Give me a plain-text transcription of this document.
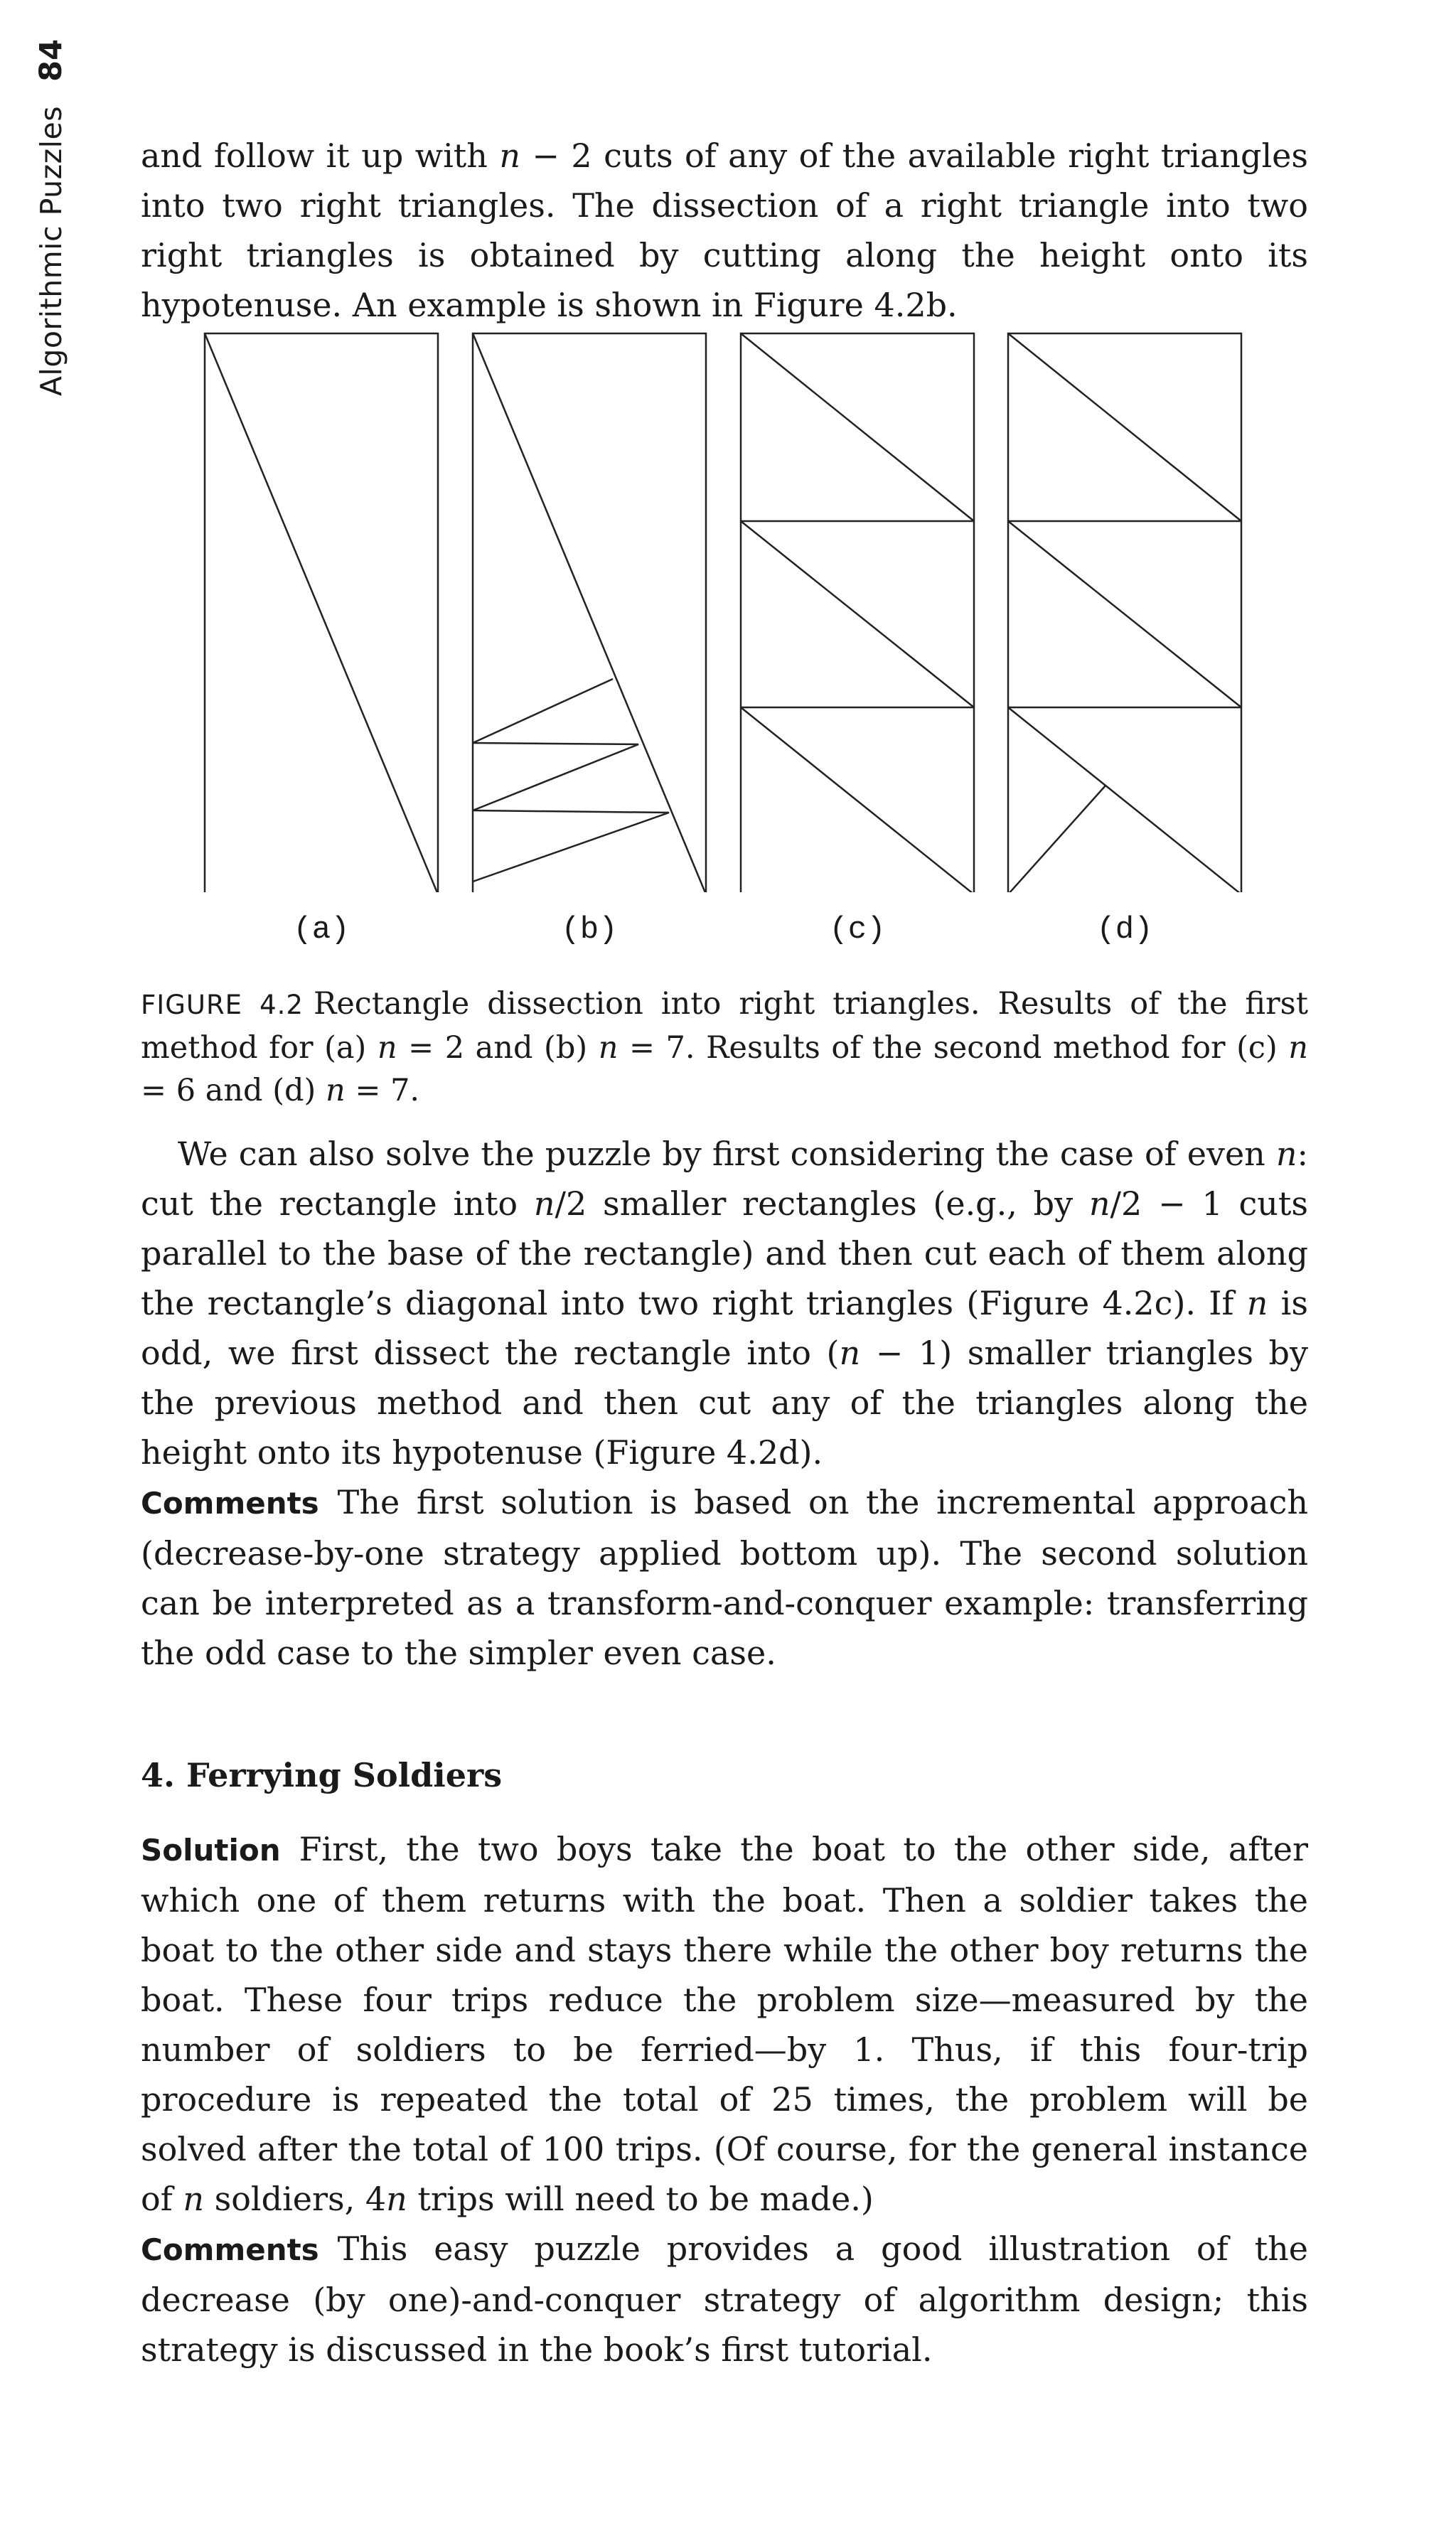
Algorithmic Puzzles
84

and follow it up with n − 2 cuts of any of the available right triangles into two right triangles. The dissection of a right triangle into two right triangles is obtained by cutting along the height onto its hypotenuse. An example is shown in Figure 4.2b.

(a)	(b)	(c)	(d)
FIGURE 4.2 Rectangle dissection into right triangles. Results of the first method for (a) n = 2 and (b) n = 7. Results of the second method for (c) n = 6 and (d) n = 7.

We can also solve the puzzle by first considering the case of even n: cut the rectangle into n/2 smaller rectangles (e.g., by n/2 − 1 cuts parallel to the base of the rectangle) and then cut each of them along the rectangle’s diagonal into two right triangles (Figure 4.2c). If n is odd, we first dissect the rectangle into (n − 1) smaller triangles by the previous method and then cut any of the triangles along the height onto its hypotenuse (Figure 4.2d).

Comments The first solution is based on the incremental approach (decrease-by-one strategy applied bottom up). The second solution can be interpreted as a transform-and-conquer example: transferring the odd case to the simpler even case.

4. Ferrying Soldiers

Solution First, the two boys take the boat to the other side, after which one of them returns with the boat. Then a soldier takes the boat to the other side and stays there while the other boy returns the boat. These four trips reduce the problem size—measured by the number of soldiers to be ferried—by 1. Thus, if this four-trip procedure is repeated the total of 25 times, the problem will be solved after the total of 100 trips. (Of course, for the general instance of n soldiers, 4n trips will need to be made.)

Comments This easy puzzle provides a good illustration of the decrease (by one)-and-conquer strategy of algorithm design; this strategy is discussed in the book’s first tutorial.
